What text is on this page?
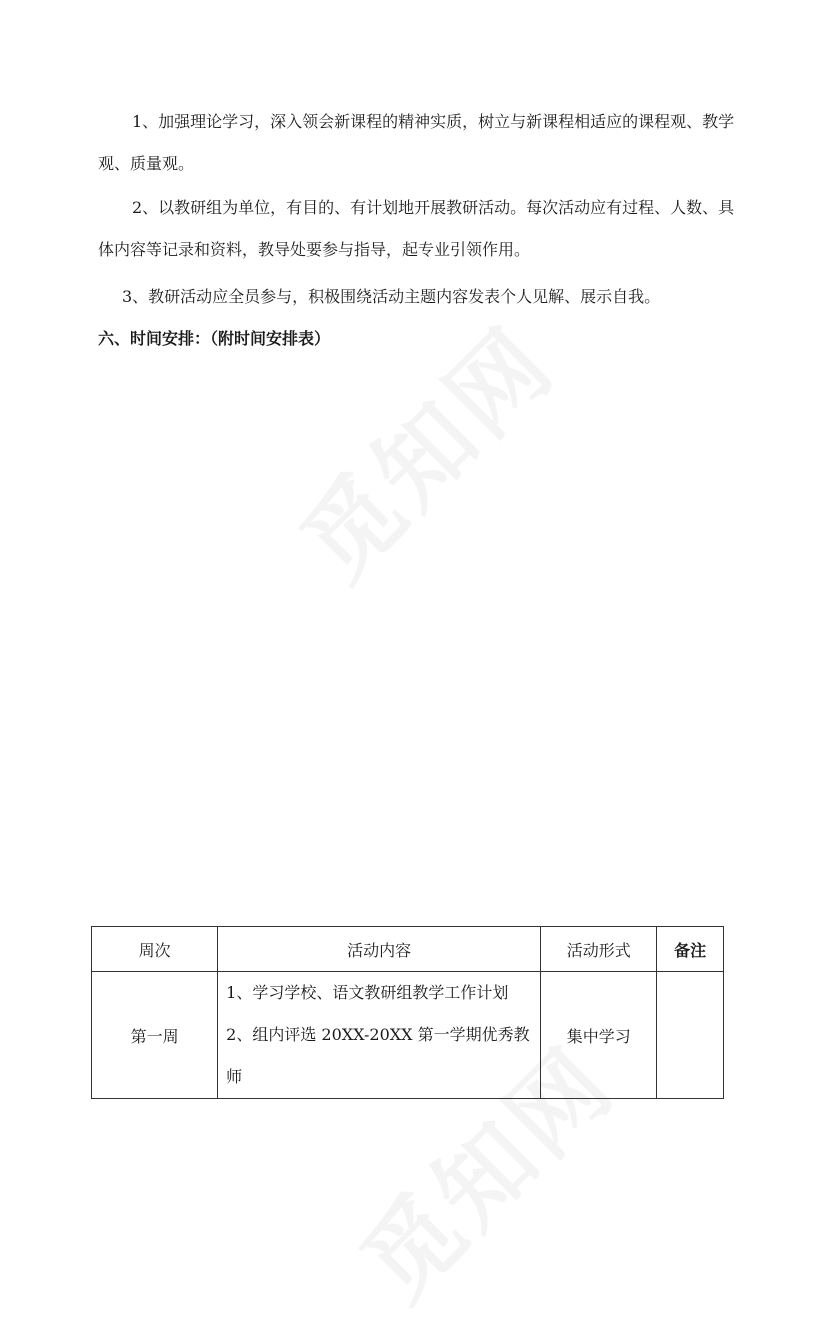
1、加强理论学习，深入领会新课程的精神实质，树立与新课程相适应的课程观、教学观、质量观。

2、以教研组为单位，有目的、有计划地开展教研活动。每次活动应有过程、人数、具体内容等记录和资料，教导处要参与指导，起专业引领作用。

3、教研活动应全员参与，积极围绕活动主题内容发表个人见解、展示自我。

六、时间安排：（附时间安排表）
周次	活动内容	活动形式	备注
第一周	1、学习学校、语文教研组教学工作计划 2、组内评选 20XX-20XX 第一学期优秀教师	集中学习	
